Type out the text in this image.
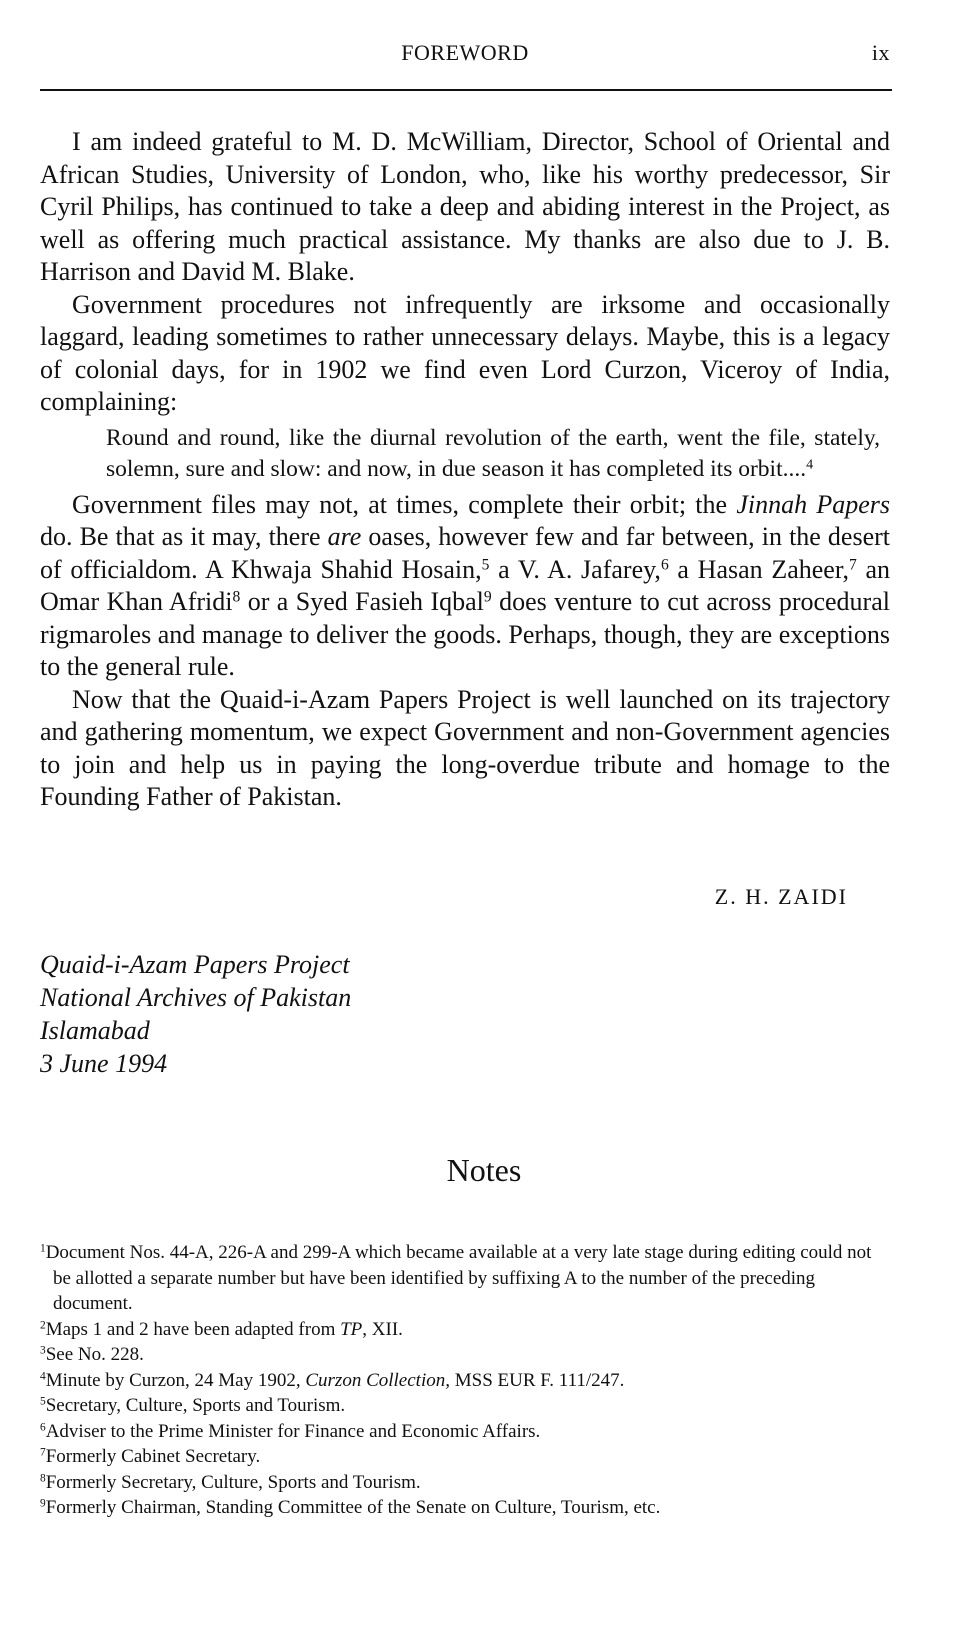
FOREWORD	ix

I am indeed grateful to M. D. McWilliam, Director, School of Oriental and African Studies, University of London, who, like his worthy predecessor, Sir Cyril Philips, has continued to take a deep and abiding interest in the Project, as well as offering much practical assistance. My thanks are also due to J. B. Harrison and David M. Blake.

Government procedures not infrequently are irksome and occasionally laggard, leading sometimes to rather unnecessary delays. Maybe, this is a legacy of colonial days, for in 1902 we find even Lord Curzon, Viceroy of India, complaining:

Round and round, like the diurnal revolution of the earth, went the file, stately, solemn, sure and slow: and now, in due season it has completed its orbit....$^4$

Government files may not, at times, complete their orbit; the Jinnah Papers do. Be that as it may, there are oases, however few and far between, in the desert of officialdom. A Khwaja Shahid Hosain,$^5$ a V. A. Jafarey,$^6$ a Hasan Zaheer,$^7$ an Omar Khan Afridi$^8$ or a Syed Fasieh Iqbal$^9$ does venture to cut across procedural rigmaroles and manage to deliver the goods. Perhaps, though, they are exceptions to the general rule.

Now that the Quaid-i-Azam Papers Project is well launched on its trajectory and gathering momentum, we expect Government and non-Government agencies to join and help us in paying the long-overdue tribute and homage to the Founding Father of Pakistan.

Z. H. ZAIDI
Quaid-i-Azam Papers Project
National Archives of Pakistan
Islamabad
3 June 1994
Notes
$^1$Document Nos. 44-A, 226-A and 299-A which became available at a very late stage during editing could not be allotted a separate number but have been identified by suffixing A to the number of the preceding document.
$^2$Maps 1 and 2 have been adapted from TP, XII.
$^3$See No. 228.
$^4$Minute by Curzon, 24 May 1902, Curzon Collection, MSS EUR F. 111/247.
$^5$Secretary, Culture, Sports and Tourism.
$^6$Adviser to the Prime Minister for Finance and Economic Affairs.
$^7$Formerly Cabinet Secretary.
$^8$Formerly Secretary, Culture, Sports and Tourism.
$^9$Formerly Chairman, Standing Committee of the Senate on Culture, Tourism, etc.
